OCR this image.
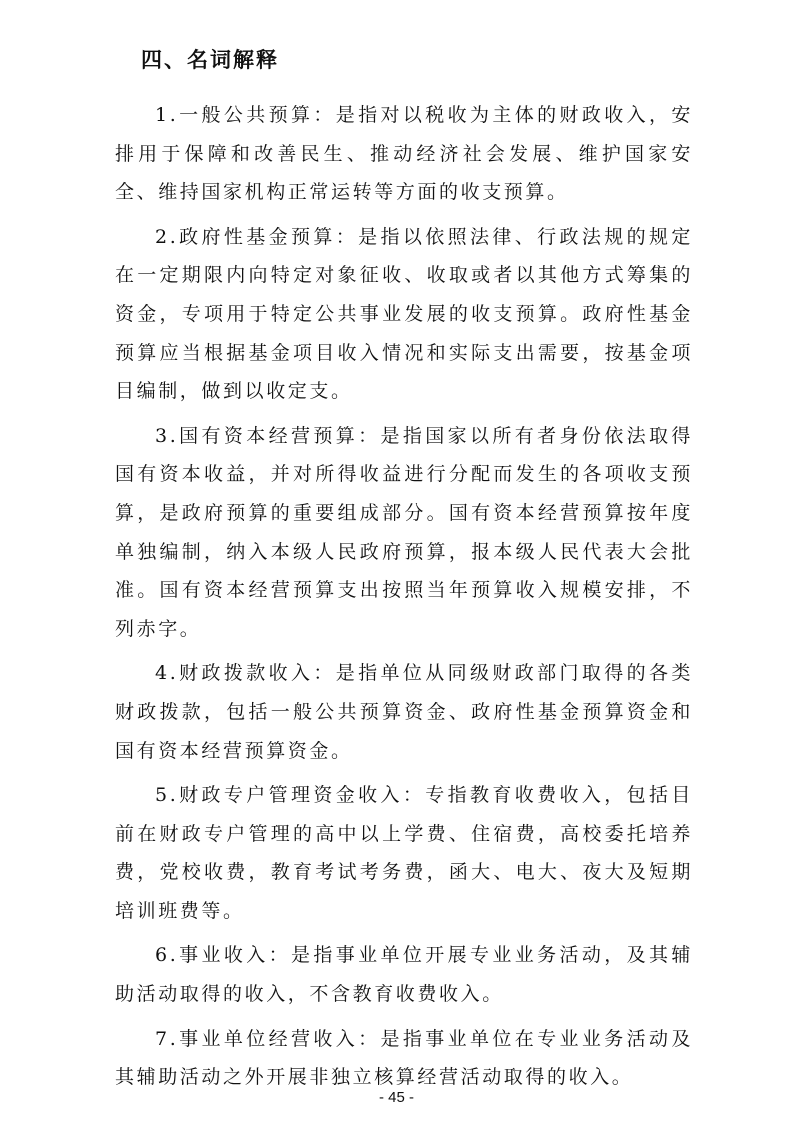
四、名词解释

1.一般公共预算：是指对以税收为主体的财政收入，安排用于保障和改善民生、推动经济社会发展、维护国家安全、维持国家机构正常运转等方面的收支预算。

2.政府性基金预算：是指以依照法律、行政法规的规定在一定期限内向特定对象征收、收取或者以其他方式筹集的资金，专项用于特定公共事业发展的收支预算。政府性基金预算应当根据基金项目收入情况和实际支出需要，按基金项目编制，做到以收定支。

3.国有资本经营预算：是指国家以所有者身份依法取得国有资本收益，并对所得收益进行分配而发生的各项收支预算，是政府预算的重要组成部分。国有资本经营预算按年度单独编制，纳入本级人民政府预算，报本级人民代表大会批准。国有资本经营预算支出按照当年预算收入规模安排，不列赤字。

4.财政拨款收入：是指单位从同级财政部门取得的各类财政拨款，包括一般公共预算资金、政府性基金预算资金和国有资本经营预算资金。

5.财政专户管理资金收入：专指教育收费收入，包括目前在财政专户管理的高中以上学费、住宿费，高校委托培养费，党校收费，教育考试考务费，函大、电大、夜大及短期培训班费等。

6.事业收入：是指事业单位开展专业业务活动，及其辅助活动取得的收入，不含教育收费收入。

7.事业单位经营收入：是指事业单位在专业业务活动及其辅助活动之外开展非独立核算经营活动取得的收入。

- 45 -
